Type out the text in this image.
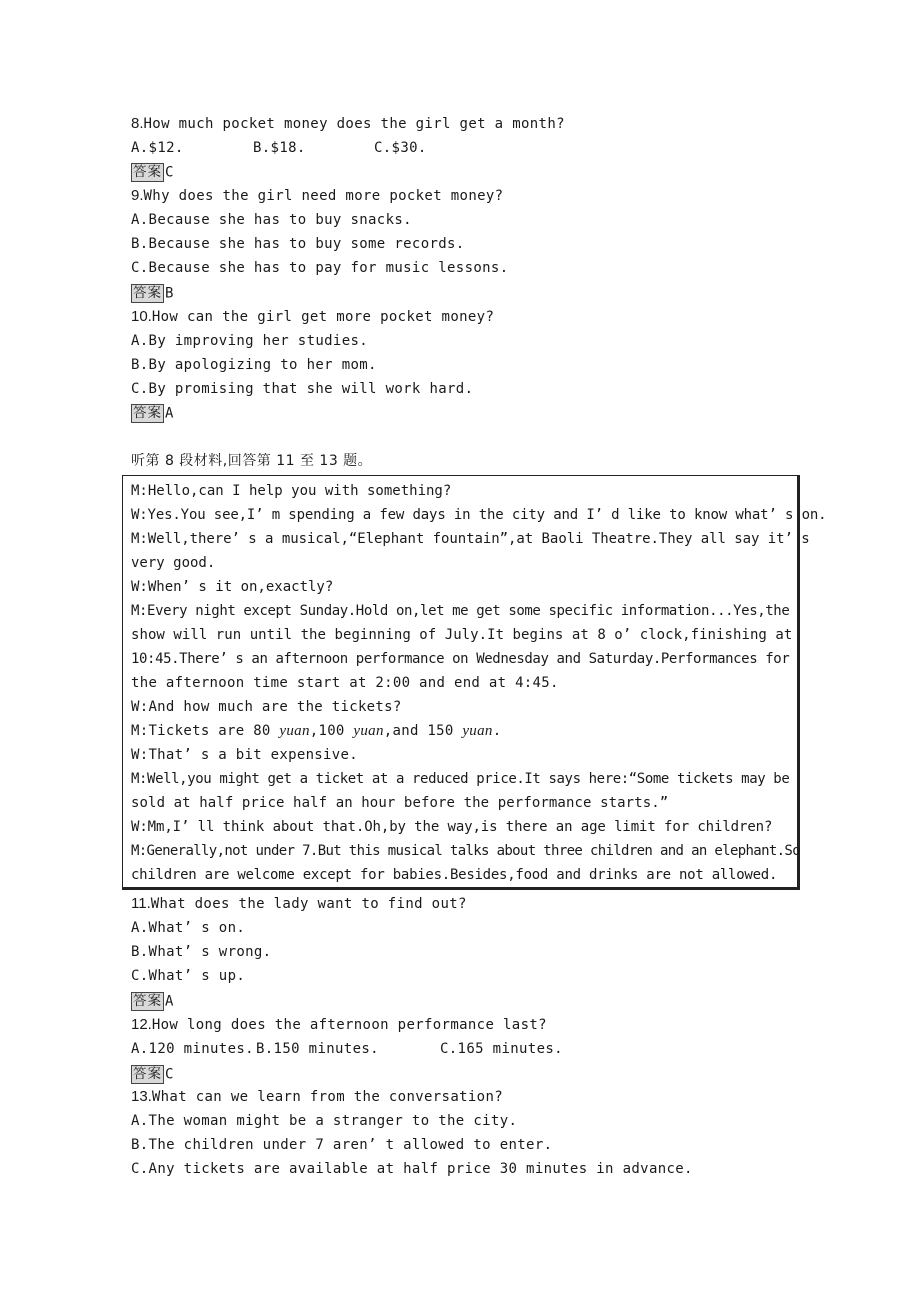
8.How much pocket money does the girl get a month?
A.$12.	B.$18.	C.$30.
答案 C
9.Why does the girl need more pocket money?
A.Because she has to buy snacks.
B.Because she has to buy some records.
C.Because she has to pay for music lessons.
答案 B
10.How can the girl get more pocket money?
A.By improving her studies.
B.By apologizing to her mom.
C.By promising that she will work hard.
答案 A
听第 8 段材料,回答第 11 至 13 题。
M:Hello,can I help you with something?
W:Yes.You see,I’ m spending a few days in the city and I’ d like to know what’ s on.
M:Well,there’ s a musical,“Elephant fountain”,at Baoli Theatre.They all say it’ s
very good.
W:When’ s it on,exactly?
M:Every night except Sunday.Hold on,let me get some specific information...Yes,the
show will run until the beginning of July.It begins at 8 o’ clock,finishing at
10:45.There’ s an afternoon performance on Wednesday and Saturday.Performances for
the afternoon time start at 2:00 and end at 4:45.
W:And how much are the tickets?
M:Tickets are 80 yuan,100 yuan,and 150 yuan.
W:That’ s a bit expensive.
M:Well,you might get a ticket at a reduced price.It says here:“Some tickets may be
sold at half price half an hour before the performance starts.”
W:Mm,I’ ll think about that.Oh,by the way,is there an age limit for children?
M:Generally,not under 7.But this musical talks about three children and an elephant.So
children are welcome except for babies.Besides,food and drinks are not allowed.
11.What does the lady want to find out?
A.What’ s on.
B.What’ s wrong.
C.What’ s up.
答案 A
12.How long does the afternoon performance last?
A.120 minutes. B.150 minutes.	C.165 minutes.
答案 C
13.What can we learn from the conversation?
A.The woman might be a stranger to the city.
B.The children under 7 aren’ t allowed to enter.
C.Any tickets are available at half price 30 minutes in advance.
